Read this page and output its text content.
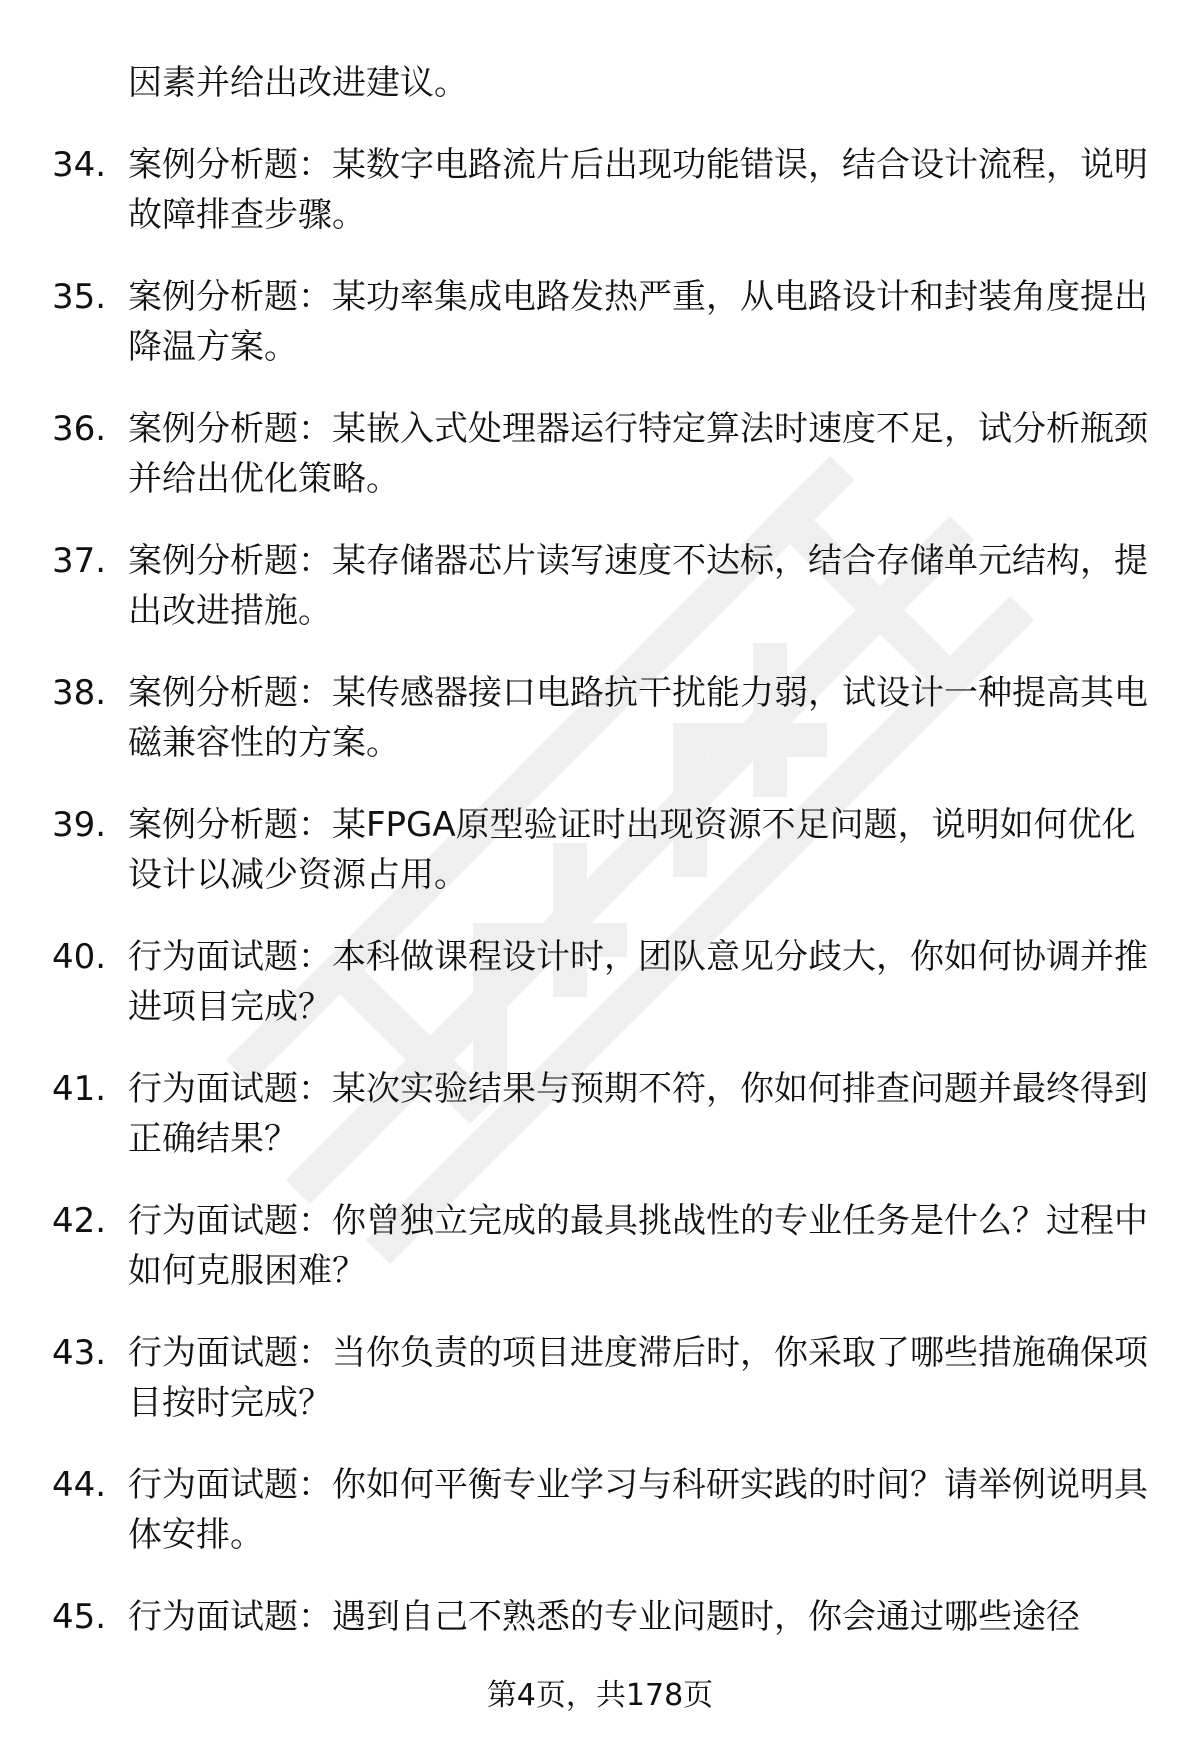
因素并给出改进建议。
34. 案例分析题：某数字电路流片后出现功能错误，结合设计流程，说明故障排查步骤。
35. 案例分析题：某功率集成电路发热严重，从电路设计和封装角度提出降温方案。
36. 案例分析题：某嵌入式处理器运行特定算法时速度不足，试分析瓶颈并给出优化策略。
37. 案例分析题：某存储器芯片读写速度不达标，结合存储单元结构，提出改进措施。
38. 案例分析题：某传感器接口电路抗干扰能力弱，试设计一种提高其电磁兼容性的方案。
39. 案例分析题：某FPGA原型验证时出现资源不足问题，说明如何优化设计以减少资源占用。
40. 行为面试题：本科做课程设计时，团队意见分歧大，你如何协调并推进项目完成？
41. 行为面试题：某次实验结果与预期不符，你如何排查问题并最终得到正确结果？
42. 行为面试题：你曾独立完成的最具挑战性的专业任务是什么？过程中如何克服困难？
43. 行为面试题：当你负责的项目进度滞后时，你采取了哪些措施确保项目按时完成？
44. 行为面试题：你如何平衡专业学习与科研实践的时间？请举例说明具体安排。
45. 行为面试题：遇到自己不熟悉的专业问题时，你会通过哪些途径
第4页，共178页
